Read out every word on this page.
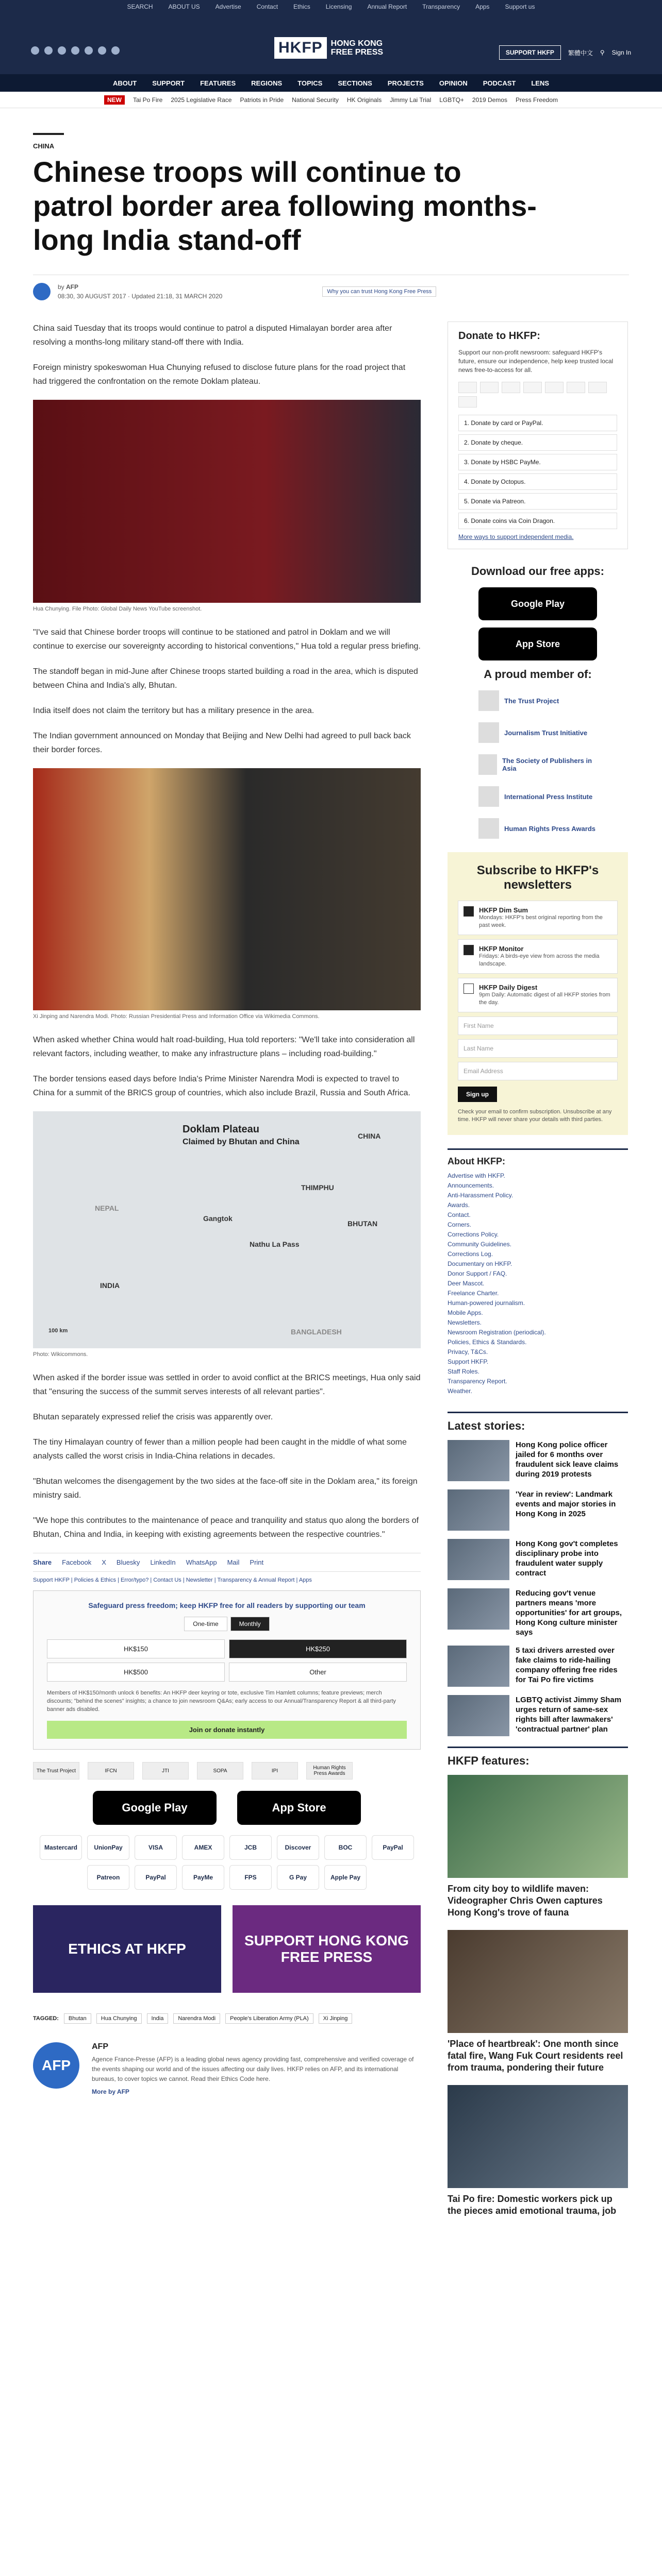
SEARCH	ABOUT US	Advertise	Contact	Ethics	Licensing	Annual Report	Transparency	Apps	Support us
HKFP	HONG KONG
FREE PRESS	SUPPORT HKFP	繁體中文 ⚲ Sign In
ABOUT SUPPORT FEATURES REGIONS TOPICS SECTIONS PROJECTS OPINION PODCAST LENS
NEW	Tai Po Fire 2025 Legislative Race Patriots in Pride National Security HK Originals Jimmy Lai Trial LGBTQ+ 2019 Demos Press Freedom
CHINA
Chinese troops will continue to patrol border area following months-long India stand-off
by AFP
08:30, 30 AUGUST 2017 · Updated 21:18, 31 MARCH 2020
Why you can trust Hong Kong Free Press

China said Tuesday that its troops would continue to patrol a disputed Himalayan border area after resolving a months-long military stand-off there with India.

Foreign ministry spokeswoman Hua Chunying refused to disclose future plans for the road project that had triggered the confrontation on the remote Doklam plateau.

Hua Chunying. File Photo: Global Daily News YouTube screenshot.

"I've said that Chinese border troops will continue to be stationed and patrol in Doklam and we will continue to exercise our sovereignty according to historical conventions," Hua told a regular press briefing.

The standoff began in mid-June after Chinese troops started building a road in the area, which is disputed between China and India's ally, Bhutan.

India itself does not claim the territory but has a military presence in the area.

The Indian government announced on Monday that Beijing and New Delhi had agreed to pull back back their border forces.

Xi Jinping and Narendra Modi. Photo: Russian Presidential Press and Information Office via Wikimedia Commons.

When asked whether China would halt road-building, Hua told reporters: "We'll take into consideration all relevant factors, including weather, to make any infrastructure plans – including road-building."

The border tensions eased days before India's Prime Minister Narendra Modi is expected to travel to China for a summit of the BRICS group of countries, which also include Brazil, Russia and South Africa.

Doklam Plateau
Claimed by Bhutan and China
CHINA
THIMPHU
Gangtok
BHUTAN
Nathu La Pass
NEPAL
INDIA
BANGLADESH
100 km
Photo: Wikicommons.

When asked if the border issue was settled in order to avoid conflict at the BRICS meetings, Hua only said that "ensuring the success of the summit serves interests of all relevant parties".

Bhutan separately expressed relief the crisis was apparently over.

The tiny Himalayan country of fewer than a million people had been caught in the middle of what some analysts called the worst crisis in India-China relations in decades.

"Bhutan welcomes the disengagement by the two sides at the face-off site in the Doklam area," its foreign ministry said.

"We hope this contributes to the maintenance of peace and tranquility and status quo along the borders of Bhutan, China and India, in keeping with existing agreements between the respective countries."

Share Facebook X Bluesky LinkedIn WhatsApp Mail Print
Support HKFP | Policies & Ethics | Error/typo? | Contact Us | Newsletter | Transparency & Annual Report | Apps
Safeguard press freedom; keep HKFP free for all readers by supporting our team
One-time	Monthly
HK$150	HK$250
HK$500	Other
Members of HK$150/month unlock 6 benefits: An HKFP deer keyring or tote, exclusive Tim Hamlett columns; feature previews; merch discounts; "behind the scenes" insights; a chance to join newsroom Q&As; early access to our Annual/Transparency Report & all third-party banner ads disabled.
Join or donate instantly
The Trust Project	IFCN	JTI	SOPA	IPI	Human Rights Press Awards
Google Play	App Store
Mastercard	UnionPay	VISA	AMEX	JCB	Discover	BOC	PayPal
Patreon	PayPal	PayMe	FPS	G Pay	Apple Pay
ETHICS AT HKFP
SUPPORT HONG KONG FREE PRESS
TAGGED:	Bhutan	Hua Chunying	India	Narendra Modi	People's Liberation Army (PLA)	Xi Jinping
AFP
AFP
Agence France-Presse (AFP) is a leading global news agency providing fast, comprehensive and verified coverage of the events shaping our world and of the issues affecting our daily lives. HKFP relies on AFP, and its international bureaus, to cover topics we cannot. Read their Ethics Code here.
More by AFP
Donate to HKFP:

Support our non-profit newsroom: safeguard HKFP's future, ensure our independence, help keep trusted local news free-to-access for all.

1. Donate by card or PayPal.
2. Donate by cheque.
3. Donate by HSBC PayMe.
4. Donate by Octopus.
5. Donate via Patreon.
6. Donate coins via Coin Dragon.
More ways to support independent media.
Download our free apps:
Google Play
App Store
A proud member of:
The Trust Project
Journalism Trust Initiative
The Society of Publishers in Asia
International Press Institute
Human Rights Press Awards
Subscribe to HKFP's newsletters
HKFP Dim Sum
Mondays: HKFP's best original reporting from the past week.
HKFP Monitor
Fridays: A birds-eye view from across the media landscape.
HKFP Daily Digest
9pm Daily: Automatic digest of all HKFP stories from the day.
First Name
Last Name
Email Address
Sign up
Check your email to confirm subscription. Unsubscribe at any time. HKFP will never share your details with third parties.
About HKFP:
Advertise with HKFP.
Announcements.
Anti-Harassment Policy.
Awards.
Contact.
Corners.
Corrections Policy.
Community Guidelines.
Corrections Log.
Documentary on HKFP.
Donor Support / FAQ.
Deer Mascot.
Freelance Charter.
Human-powered journalism.
Mobile Apps.
Newsletters.
Newsroom Registration (periodical).
Policies, Ethics & Standards.
Privacy, T&Cs.
Support HKFP.
Staff Roles.
Transparency Report.
Weather.
Latest stories:
Hong Kong police officer jailed for 6 months over fraudulent sick leave claims during 2019 protests
'Year in review': Landmark events and major stories in Hong Kong in 2025
Hong Kong gov't completes disciplinary probe into fraudulent water supply contract
Reducing gov't venue partners means 'more opportunities' for art groups, Hong Kong culture minister says
5 taxi drivers arrested over fake claims to ride-hailing company offering free rides for Tai Po fire victims
LGBTQ activist Jimmy Sham urges return of same-sex rights bill after lawmakers' 'contractual partner' plan
HKFP features:
From city boy to wildlife maven: Videographer Chris Owen captures Hong Kong's trove of fauna
'Place of heartbreak': One month since fatal fire, Wang Fuk Court residents reel from trauma, pondering their future
Tai Po fire: Domestic workers pick up the pieces amid emotional trauma, job
